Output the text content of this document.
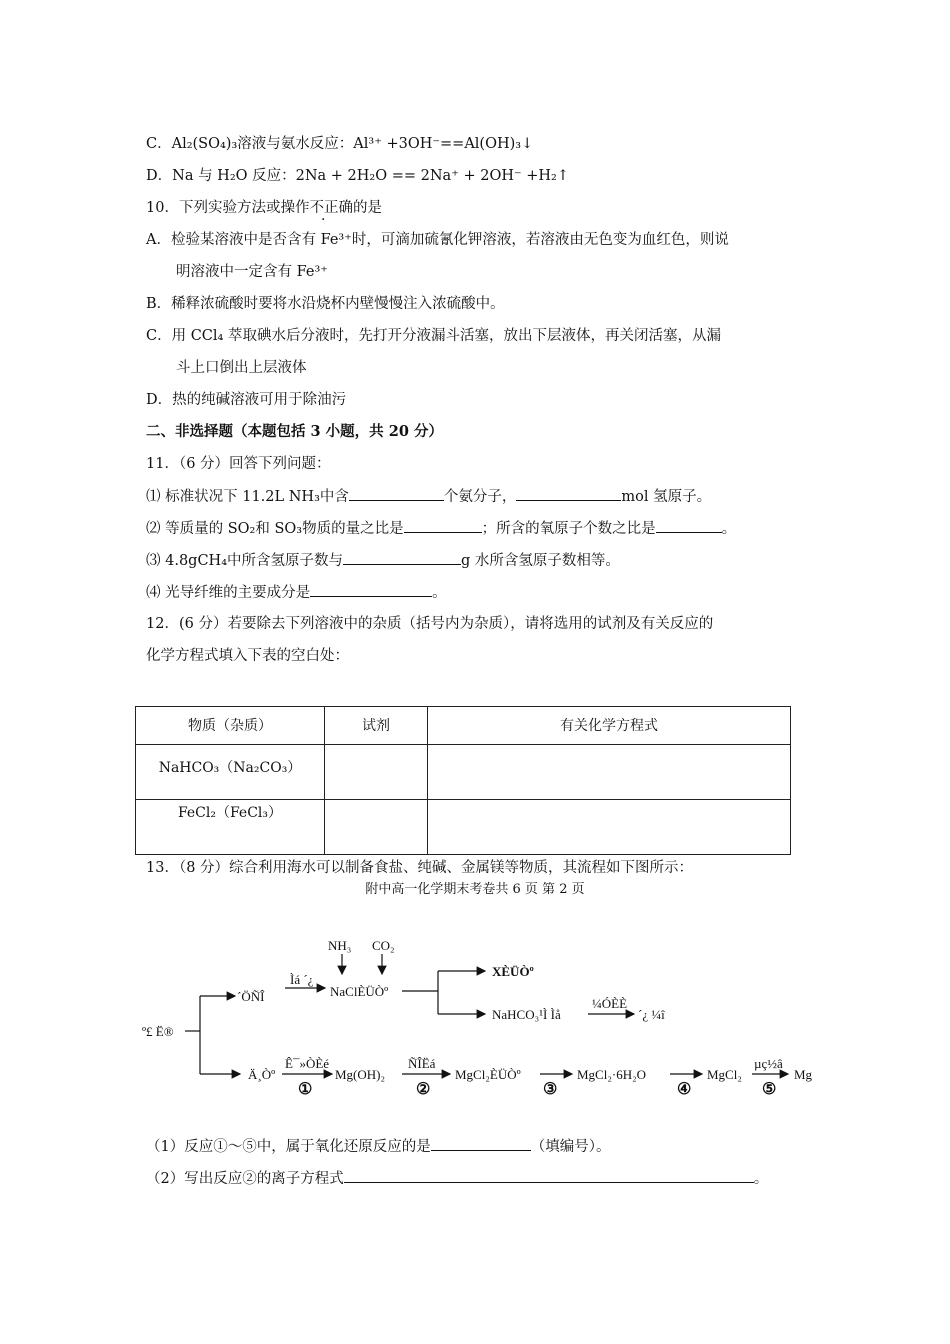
C．Al₂(SO₄)₃溶液与氨水反应：Al³⁺ +3OH⁻==Al(OH)₃↓
D．Na 与 H₂O 反应：2Na + 2H₂O == 2Na⁺ + 2OH⁻ +H₂↑
10．下列实验方法或操作不正确的是
A．检验某溶液中是否含有 Fe³⁺时，可滴加硫氰化钾溶液，若溶液由无色变为血红色，则说
明溶液中一定含有 Fe³⁺
B．稀释浓硫酸时要将水沿烧杯内壁慢慢注入浓硫酸中。
C．用 CCl₄ 萃取碘水后分液时，先打开分液漏斗活塞，放出下层液体，再关闭活塞，从漏
斗上口倒出上层液体
D．热的纯碱溶液可用于除油污
二、非选择题（本题包括 3 小题，共 20 分）
11．（6 分）回答下列问题：
⑴ 标准状况下 11.2L NH₃中含	个氨分子，	mol 氢原子。
⑵ 等质量的 SO₂和 SO₃物质的量之比是	；所含的氧原子个数之比是	。
⑶ 4.8gCH₄中所含氢原子数与	g 水所含氢原子数相等。
⑷ 光导纤维的主要成分是	。
12．(6 分）若要除去下列溶液中的杂质（括号内为杂质），请将选用的试剂及有关反应的
化学方程式填入下表的空白处：
物质（杂质）	试剂	有关化学方程式
NaHCO₃（Na₂CO₃）		
FeCl₂（FeCl₃）		
13．（8 分）综合利用海水可以制备食盐、纯碱、金属镁等物质，其流程如下图所示：
附中高一化学期末考卷共 6 页 第 2 页
º£ Ë®
´ÖÑÎ
Ìá ´¿
NH₃ CO₂
NaClÈÜÒº
XÈÜÒº
NaHCO₃¹Ì Ìå
¼ÓÈÈ
´¿ ¼î
Ä¸Òº
Ê¯»ÒÈé
①
Mg(OH)₂
ÑÎËá
②
MgCl₂ÈÜÒº
③
MgCl₂·6H₂O
④
MgCl₂
µç½â
⑤
Mg
（1）反应①～⑤中，属于氧化还原反应的是	（填编号）。
（2）写出反应②的离子方程式	。
